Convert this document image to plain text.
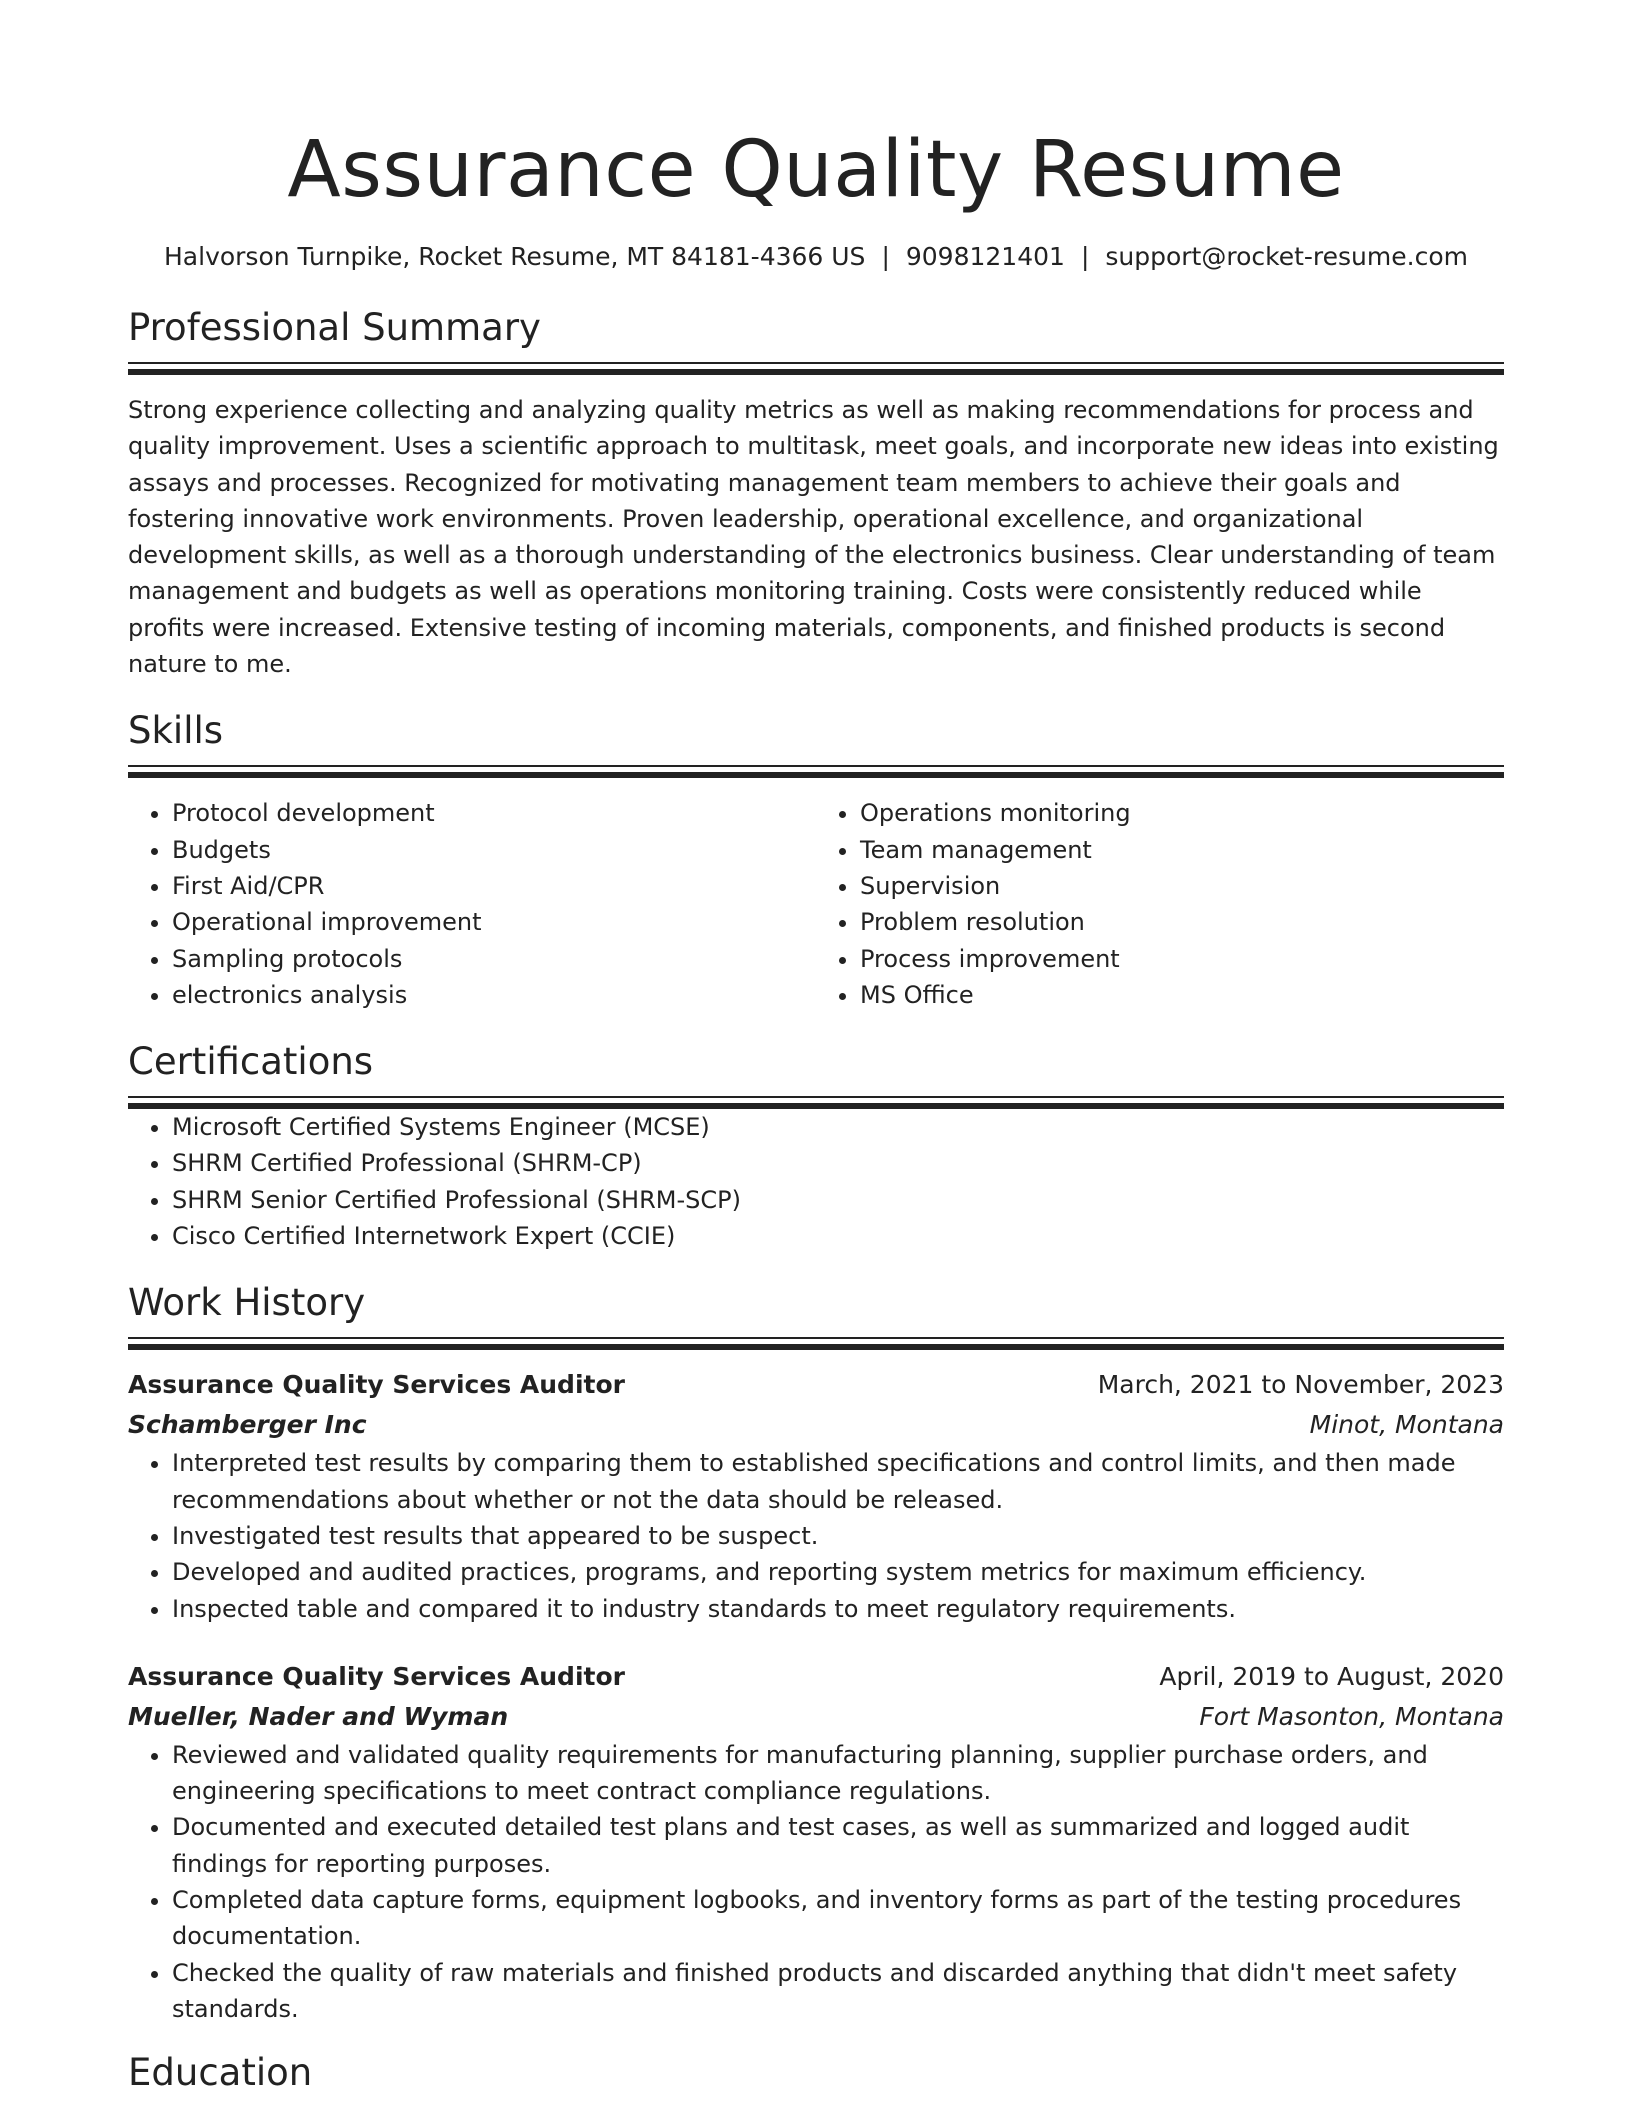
Assurance Quality Resume
Halvorson Turnpike, Rocket Resume, MT 84181-4366 US | 9098121401 | support@rocket-resume.com
Professional Summary

Strong experience collecting and analyzing quality metrics as well as making recommendations for process and quality improvement. Uses a scientific approach to multitask, meet goals, and incorporate new ideas into existing assays and processes. Recognized for motivating management team members to achieve their goals and fostering innovative work environments. Proven leadership, operational excellence, and organizational development skills, as well as a thorough understanding of the electronics business. Clear understanding of team management and budgets as well as operations monitoring training. Costs were consistently reduced while profits were increased. Extensive testing of incoming materials, components, and finished products is second nature to me.

Skills
• Protocol development
• Budgets
• First Aid/CPR
• Operational improvement
• Sampling protocols
• electronics analysis
• Operations monitoring
• Team management
• Supervision
• Problem resolution
• Process improvement
• MS Office
Certifications
• Microsoft Certified Systems Engineer (MCSE)
• SHRM Certified Professional (SHRM-CP)
• SHRM Senior Certified Professional (SHRM-SCP)
• Cisco Certified Internetwork Expert (CCIE)
Work History
Assurance Quality Services Auditor	March, 2021 to November, 2023
Schamberger Inc	Minot, Montana
• Interpreted test results by comparing them to established specifications and control limits, and then made recommendations about whether or not the data should be released.
• Investigated test results that appeared to be suspect.
• Developed and audited practices, programs, and reporting system metrics for maximum efficiency.
• Inspected table and compared it to industry standards to meet regulatory requirements.
Assurance Quality Services Auditor	April, 2019 to August, 2020
Mueller, Nader and Wyman	Fort Masonton, Montana
• Reviewed and validated quality requirements for manufacturing planning, supplier purchase orders, and engineering specifications to meet contract compliance regulations.
• Documented and executed detailed test plans and test cases, as well as summarized and logged audit findings for reporting purposes.
• Completed data capture forms, equipment logbooks, and inventory forms as part of the testing procedures documentation.
• Checked the quality of raw materials and finished products and discarded anything that didn't meet safety standards.
Education
